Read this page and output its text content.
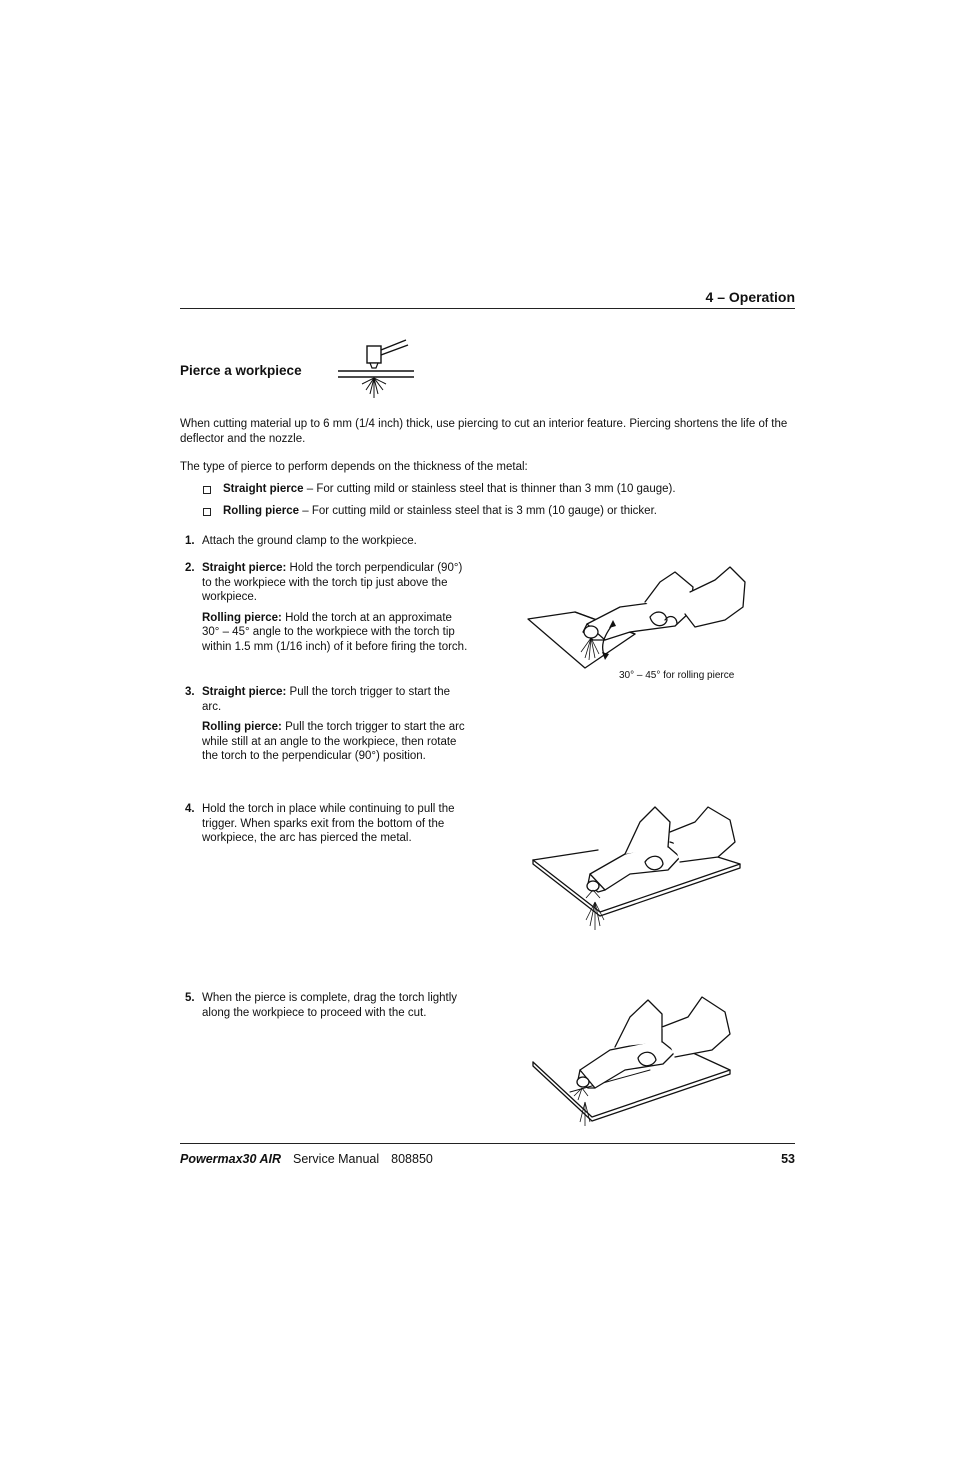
4 – Operation
Pierce a workpiece
When cutting material up to 6 mm (1/4 inch) thick, use piercing to cut an interior feature. Piercing shortens the life of the deflector and the nozzle.
The type of pierce to perform depends on the thickness of the metal:
Straight pierce – For cutting mild or stainless steel that is thinner than 3 mm (10 gauge).
Rolling pierce – For cutting mild or stainless steel that is 3 mm (10 gauge) or thicker.
1. Attach the ground clamp to the workpiece.

2. Straight pierce: Hold the torch perpendicular (90°) to the workpiece with the torch tip just above the workpiece.

Rolling pierce: Hold the torch at an approximate 30° – 45° angle to the workpiece with the torch tip within 1.5 mm (1/16 inch) of it before firing the torch.

3. Straight pierce: Pull the torch trigger to start the arc.

Rolling pierce: Pull the torch trigger to start the arc while still at an angle to the workpiece, then rotate the torch to the perpendicular (90°) position.

4. Hold the torch in place while continuing to pull the trigger. When sparks exit from the bottom of the workpiece, the arc has pierced the metal.

5. When the pierce is complete, drag the torch lightly along the workpiece to proceed with the cut.

30° – 45° for rolling pierce
Powermax30 AIR Service Manual 808850	53
